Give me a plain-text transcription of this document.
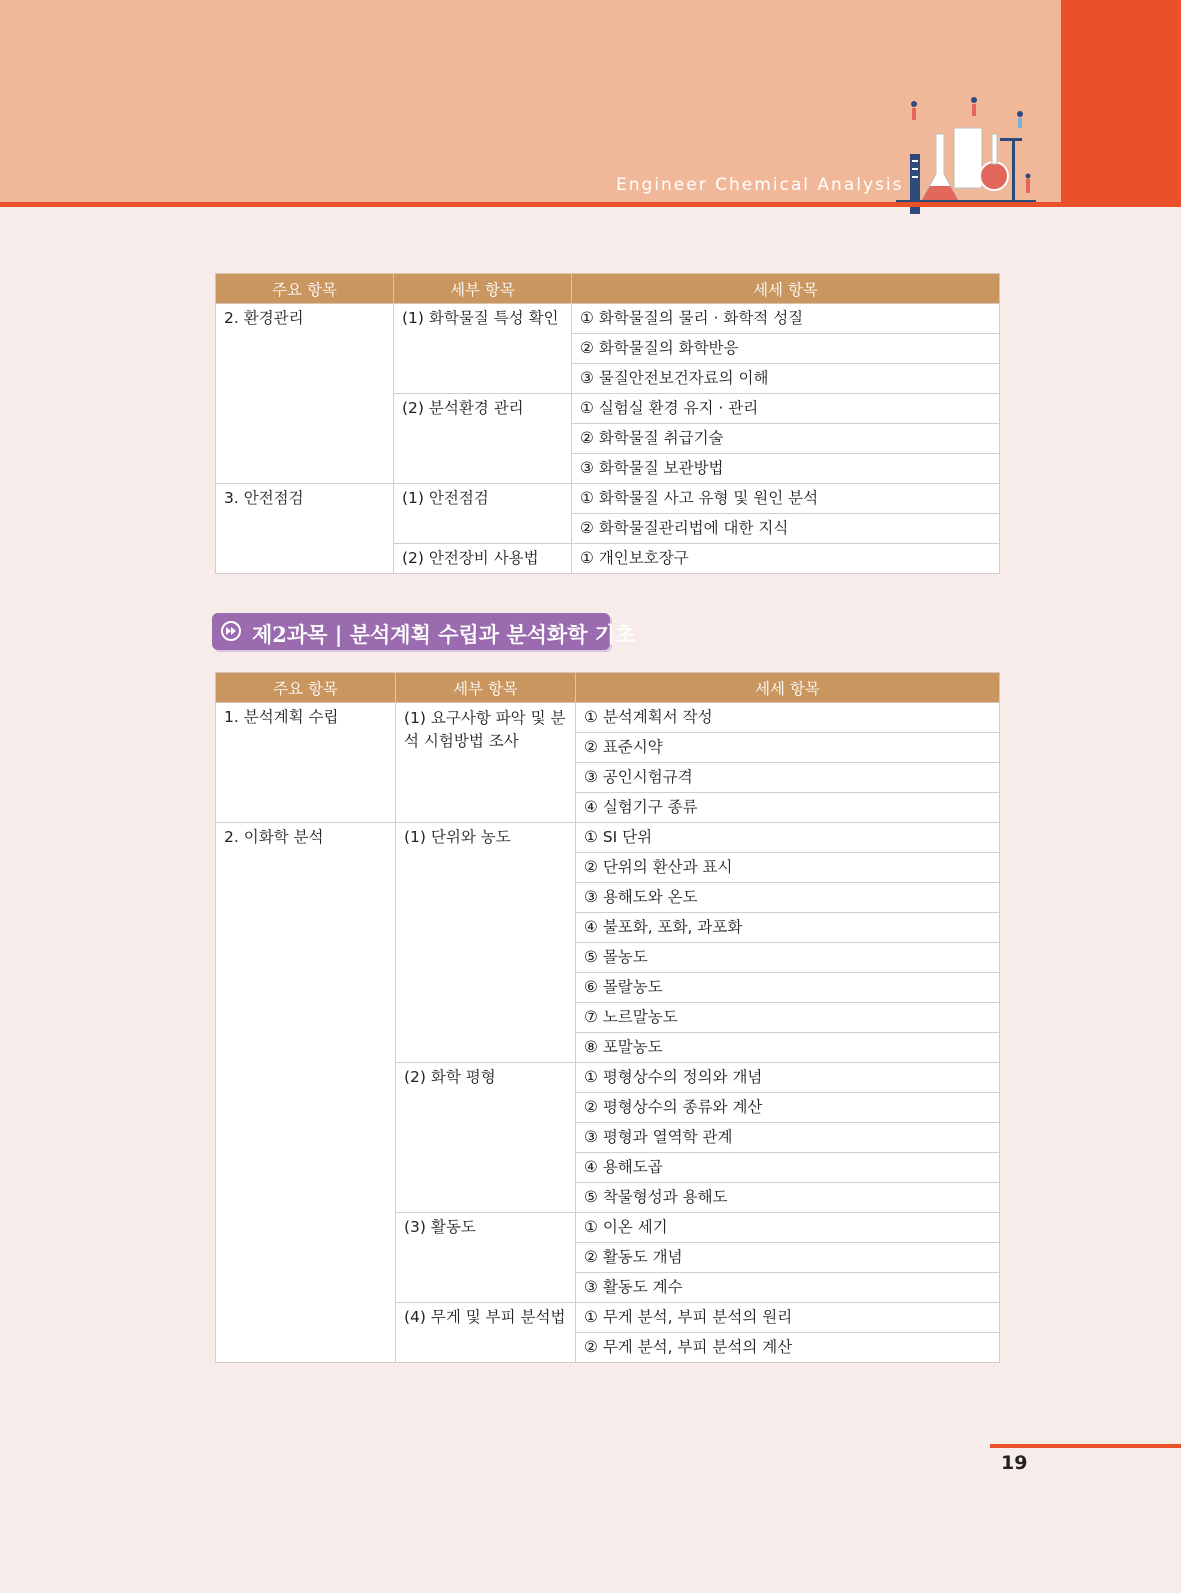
Engineer Chemical Analysis
주요 항목	세부 항목	세세 항목
2. 환경관리	(1) 화학물질 특성 확인	① 화학물질의 물리 · 화학적 성질
		② 화학물질의 화학반응
		③ 물질안전보건자료의 이해
	(2) 분석환경 관리	① 실험실 환경 유지 · 관리
		② 화학물질 취급기술
		③ 화학물질 보관방법
3. 안전점검	(1) 안전점검	① 화학물질 사고 유형 및 원인 분석
		② 화학물질관리법에 대한 지식
	(2) 안전장비 사용법	① 개인보호장구
제2과목 | 분석계획 수립과 분석화학 기초
주요 항목	세부 항목	세세 항목
1. 분석계획 수립	(1) 요구사항 파악 및 분석 시험방법 조사	① 분석계획서 작성
		② 표준시약
		③ 공인시험규격
		④ 실험기구 종류
2. 이화학 분석	(1) 단위와 농도	① SI 단위
		② 단위의 환산과 표시
		③ 용해도와 온도
		④ 불포화, 포화, 과포화
		⑤ 몰농도
		⑥ 몰랄농도
		⑦ 노르말농도
		⑧ 포말농도
	(2) 화학 평형	① 평형상수의 정의와 개념
		② 평형상수의 종류와 계산
		③ 평형과 열역학 관계
		④ 용해도곱
		⑤ 착물형성과 용해도
	(3) 활동도	① 이온 세기
		② 활동도 개념
		③ 활동도 계수
	(4) 무게 및 부피 분석법	① 무게 분석, 부피 분석의 원리
		② 무게 분석, 부피 분석의 계산
19
